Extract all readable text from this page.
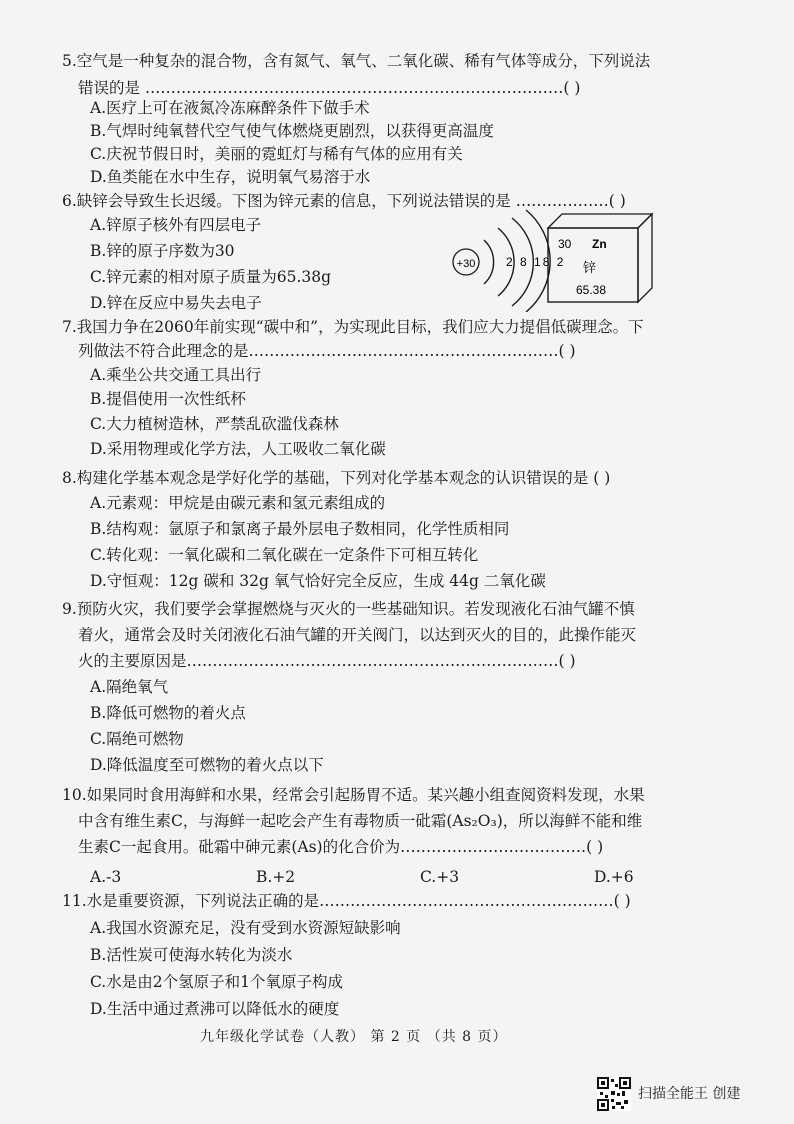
5.空气是一种复杂的混合物，含有氮气、氧气、二氧化碳、稀有气体等成分，下列说法
错误的是 ………………………………………………………………………( )
A.医疗上可在液氮冷冻麻醉条件下做手术
B.气焊时纯氧替代空气使气体燃烧更剧烈，以获得更高温度
C.庆祝节假日时，美丽的霓虹灯与稀有气体的应用有关
D.鱼类能在水中生存，说明氧气易溶于水
6.缺锌会导致生长迟缓。下图为锌元素的信息，下列说法错误的是 ………………( )
A.锌原子核外有四层电子
B.锌的原子序数为30
C.锌元素的相对原子质量为65.38g
D.锌在反应中易失去电子
+30	2 8 18 2
30 Zn
锌
65.38
7.我国力争在2060年前实现“碳中和”，为实现此目标，我们应大力提倡低碳理念。下
列做法不符合此理念的是……………………………………………………( )
A.乘坐公共交通工具出行
B.提倡使用一次性纸杯
C.大力植树造林，严禁乱砍滥伐森林
D.采用物理或化学方法，人工吸收二氧化碳
8.构建化学基本观念是学好化学的基础，下列对化学基本观念的认识错误的是 ( )
A.元素观：甲烷是由碳元素和氢元素组成的
B.结构观：氩原子和氯离子最外层电子数相同，化学性质相同
C.转化观：一氧化碳和二氧化碳在一定条件下可相互转化
D.守恒观：12g 碳和 32g 氧气恰好完全反应，生成 44g 二氧化碳
9.预防火灾，我们要学会掌握燃烧与灭火的一些基础知识。若发现液化石油气罐不慎
着火，通常会及时关闭液化石油气罐的开关阀门，以达到灭火的目的，此操作能灭
火的主要原因是………………………………………………………………( )
A.隔绝氧气
B.降低可燃物的着火点
C.隔绝可燃物
D.降低温度至可燃物的着火点以下
10.如果同时食用海鲜和水果，经常会引起肠胃不适。某兴趣小组查阅资料发现，水果
中含有维生素C，与海鲜一起吃会产生有毒物质一砒霜(As₂O₃)，所以海鲜不能和维
生素C一起食用。砒霜中砷元素(As)的化合价为………………………………( )
A.-3	B.+2	C.+3	D.+6
11.水是重要资源，下列说法正确的是…………………………………………………( )
A.我国水资源充足，没有受到水资源短缺影响
B.活性炭可使海水转化为淡水
C.水是由2个氢原子和1个氧原子构成
D.生活中通过煮沸可以降低水的硬度
九年级化学试卷（人教） 第 2 页 （共 8 页）
扫描全能王 创建
